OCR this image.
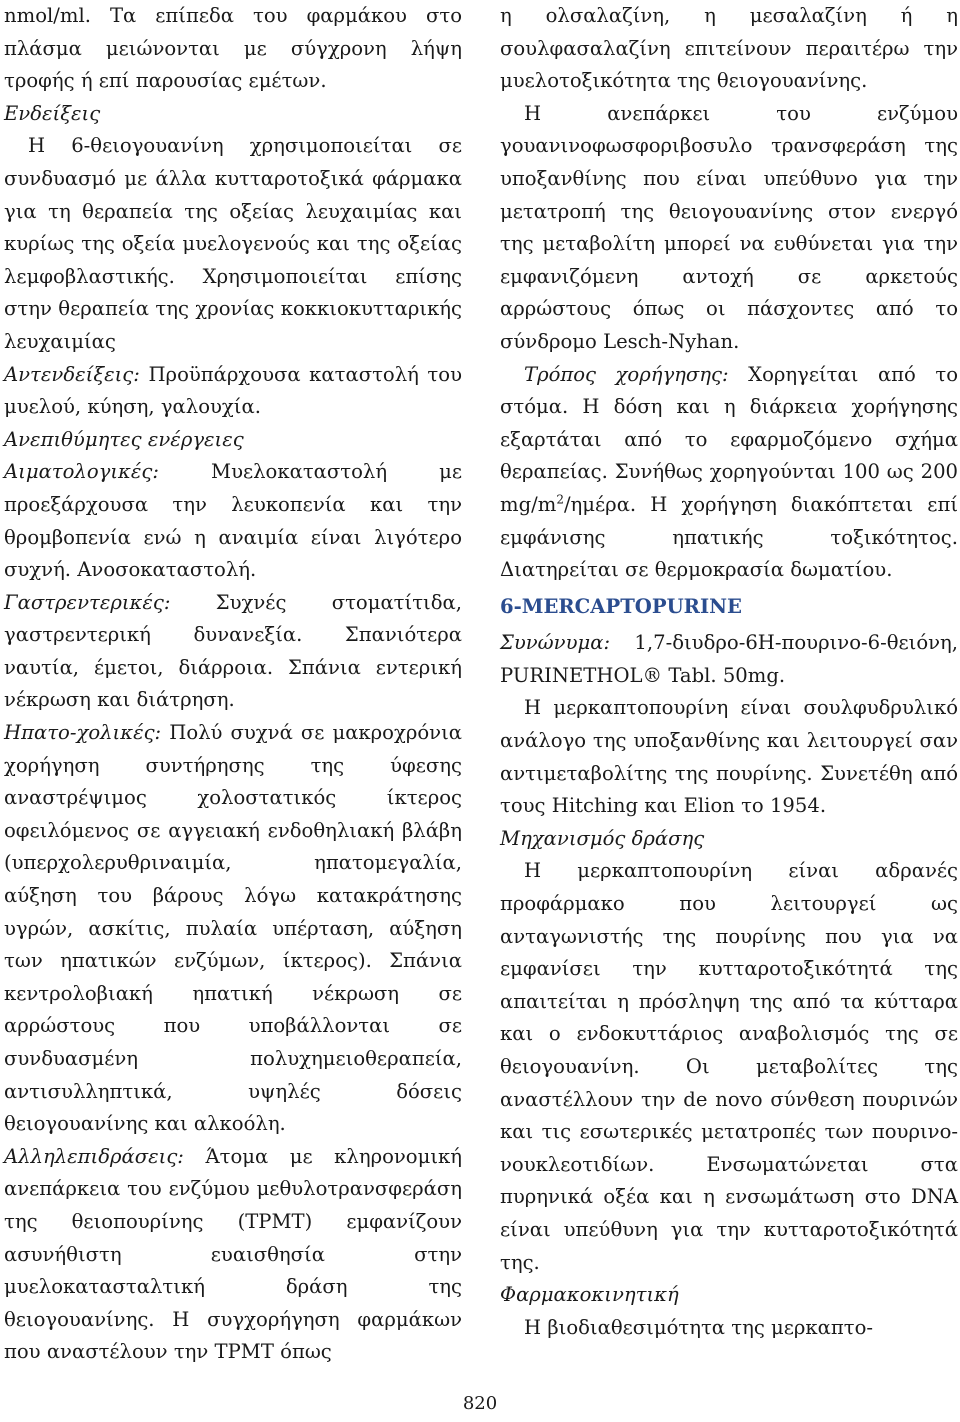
nmol/ml. Τα επίπεδα του φαρμάκου στο πλάσμα μειώνονται με σύγχρονη λήψη τροφής ή επί παρουσίας εμέτων.

Ενδείξεις

Η 6-θειογουανίνη χρησιμοποιείται σε συνδυασμό με άλλα κυτταροτοξικά φάρμακα για τη θεραπεία της οξείας λευχαιμίας και κυρίως της οξεία μυελογενούς και της οξείας λεμφοβλαστικής. Χρησιμοποιείται επίσης στην θεραπεία της χρονίας κοκκιοκυτταρικής λευχαιμίας

Αντενδείξεις: Προϋπάρχουσα καταστολή του μυελού, κύηση, γαλουχία.

Ανεπιθύμητες ενέργειες

Αιματολογικές: Μυελοκαταστολή με προεξάρχουσα την λευκοπενία και την θρομβοπενία ενώ η αναιμία είναι λιγότερο συχνή. Ανοσοκαταστολή.

Γαστρεντερικές: Συχνές στοματίτιδα, γαστρεντερική δυνανεξία. Σπανιότερα ναυτία, έμετοι, διάρροια. Σπάνια εντερική νέκρωση και διάτρηση.

Ηπατο-χολικές: Πολύ συχνά σε μακροχρόνια χορήγηση συντήρησης της ύφεσης αναστρέψιμος χολοστατικός ίκτερος οφειλόμενος σε αγγειακή ενδοθηλιακή βλάβη (υπερχολερυθριναιμία, ηπατομεγαλία, αύξηση του βάρους λόγω κατακράτησης υγρών, ασκίτις, πυλαία υπέρταση, αύξηση των ηπατικών ενζύμων, ίκτερος). Σπάνια κεντρολοβιακή ηπατική νέκρωση σε αρρώστους που υποβάλλονται σε συνδυασμένη πολυχημειοθεραπεία, αντισυλληπτικά, υψηλές δόσεις θειογουανίνης και αλκοόλη.

Αλληλεπιδράσεις: Άτομα με κληρονομική ανεπάρκεια του ενζύμου μεθυλοτρανσφεράση της θειοπουρίνης (TPMT) εμφανίζουν ασυνήθιστη ευαισθησία στην μυελοκατασταλτική δράση της θειογουανίνης. Η συγχορήγηση φαρμάκων που αναστέλουν την TPMT όπως

η ολσαλαζίνη, η μεσαλαζίνη ή η σουλφασαλαζίνη επιτείνουν περαιτέρω την μυελοτοξικότητα της θειογουανίνης.

Η ανεπάρκει του ενζύμου γουανινοφωσφοριβοσυλο τρανσφεράση της υποξανθίνης που είναι υπεύθυνο για την μετατροπή της θειογουανίνης στον ενεργό της μεταβολίτη μπορεί να ευθύνεται για την εμφανιζόμενη αντοχή σε αρκετούς αρρώστους όπως οι πάσχοντες από το σύνδρομο Lesch-Nyhan.

Τρόπος χορήγησης: Χορηγείται από το στόμα. Η δόση και η διάρκεια χορήγησης εξαρτάται από το εφαρμοζόμενο σχήμα θεραπείας. Συνήθως χορηγούνται 100 ως 200 $mg/m^2$/ημέρα. Η χορήγηση διακόπτεται επί εμφάνισης ηπατικής τοξικότητος. Διατηρείται σε θερμοκρασία δωματίου.

6-MERCAPTOPURINE

Συνώνυμα: 1,7-διυδρο-6Η-πουρινο-6-θειόνη, PURINETHOL® Tabl. 50mg.

Η μερκαπτοπουρίνη είναι σουλφυδρυλικό ανάλογο της υποξανθίνης και λειτουργεί σαν αντιμεταβολίτης της πουρίνης. Συνετέθη από τους Hitching και Elion το 1954.

Μηχανισμός δράσης

Η μερκαπτοπουρίνη είναι αδρανές προφάρμακο που λειτουργεί ως ανταγωνιστής της πουρίνης που για να εμφανίσει την κυτταροτοξικότητά της απαιτείται η πρόσληψη της από τα κύτταρα και ο ενδοκυττάριος αναβολισμός της σε θειογουανίνη. Οι μεταβολίτες της αναστέλλουν την de novo σύνθεση πουρινών και τις εσωτερικές μετατροπές των πουρινο-νουκλεοτιδίων. Ενσωματώνεται στα πυρηνικά οξέα και η ενσωμάτωση στο DNA είναι υπεύθυνη για την κυτταροτοξικότητά της.

Φαρμακοκινητική

Η βιοδιαθεσιμότητα της μερκαπτο-

820
